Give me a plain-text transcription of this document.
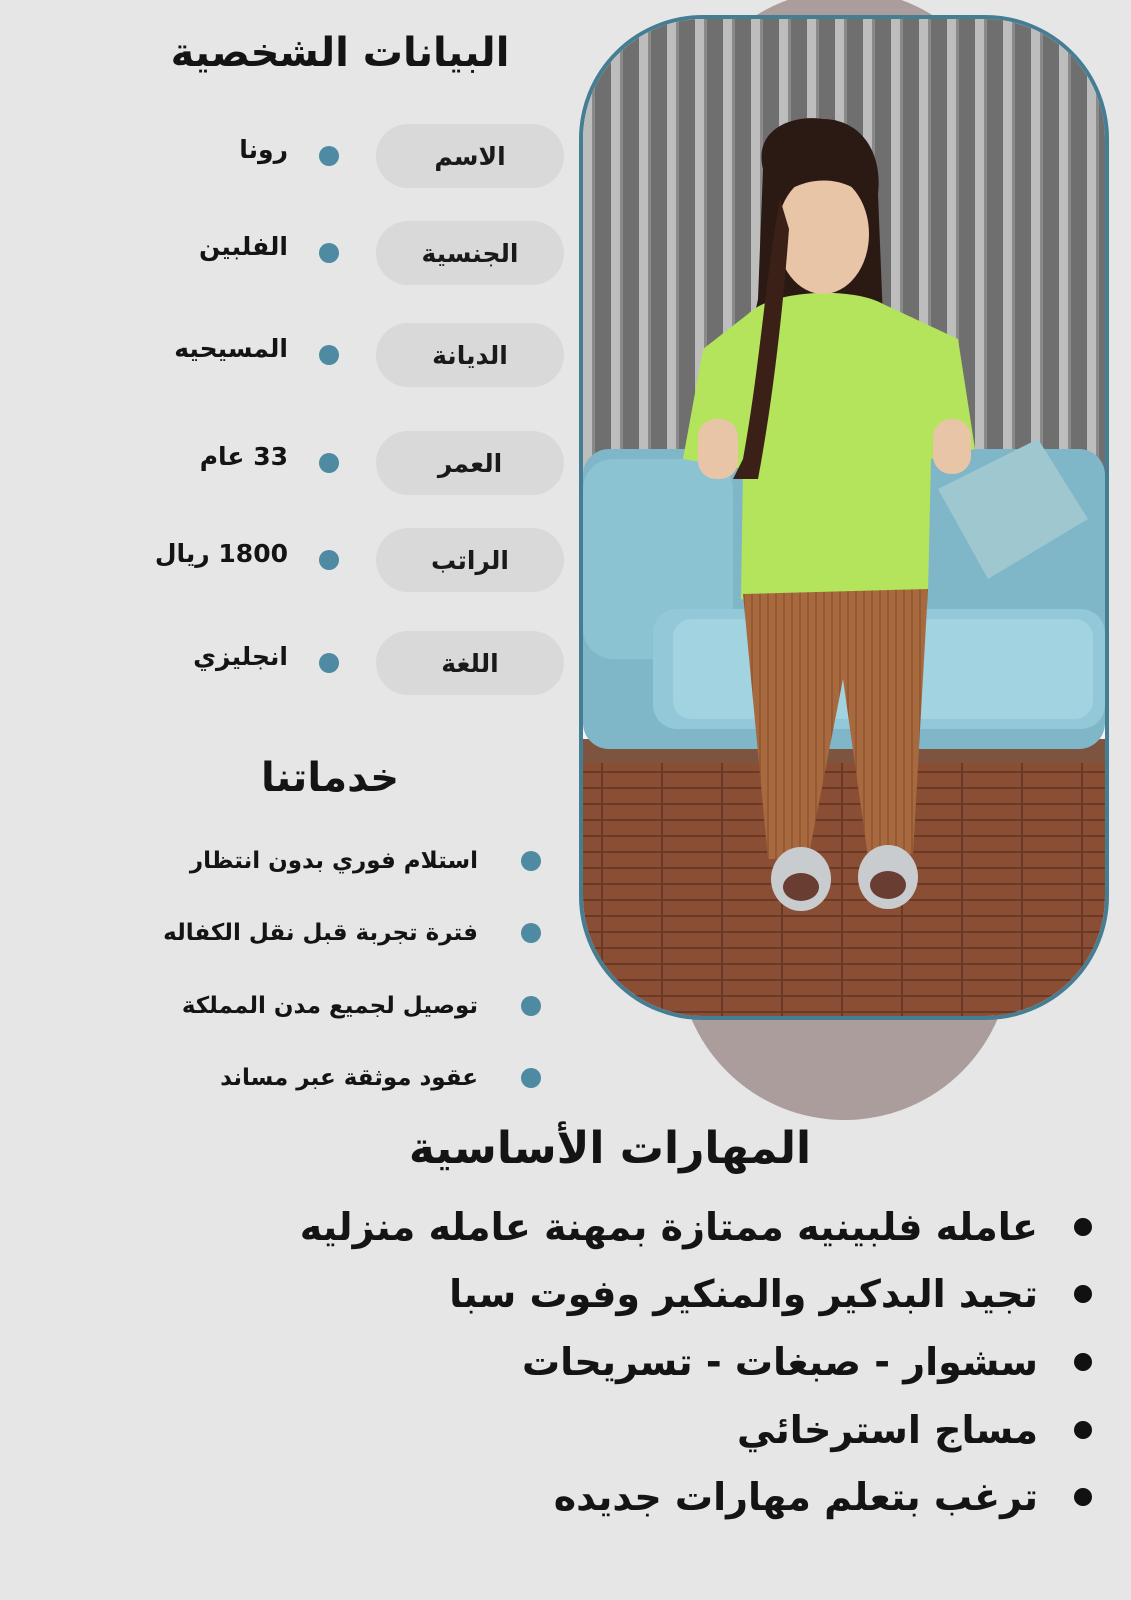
البيانات الشخصية
الاسم
رونا
الجنسية
الفلبين
الديانة
المسيحيه
العمر
33 عام
الراتب
1800 ريال
اللغة
انجليزي
خدماتنا
استلام فوري بدون انتظار
فترة تجربة قبل نقل الكفاله
توصيل لجميع مدن المملكة
عقود موثقة عبر مساند
المهارات الأساسية
عامله فلبينيه ممتازة بمهنة عامله منزليه
تجيد البدكير والمنكير وفوت سبا
سشوار - صبغات - تسريحات
مساج استرخائي
ترغب بتعلم مهارات جديده
